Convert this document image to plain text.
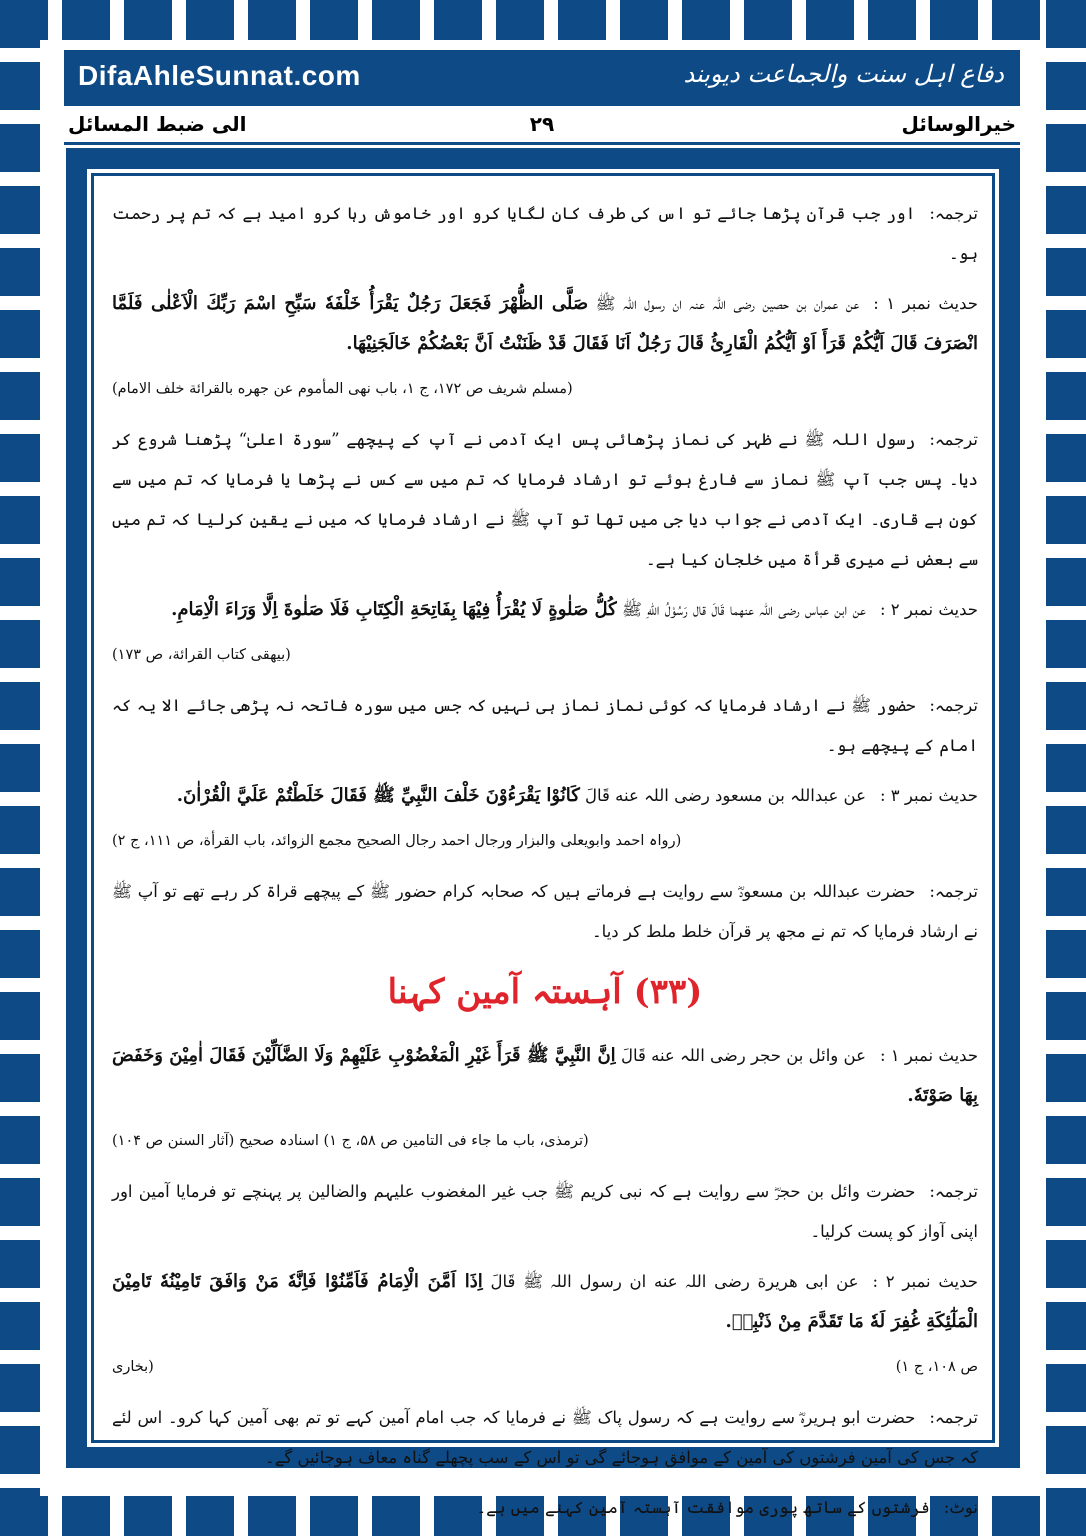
DifaAhleSunnat.com	دفاع اہل سنت والجماعت دیوبند
الی ضبط المسائل	۲۹	خیرالوسائل

ترجمہ:اور جب قرآن پڑھا جائے تو اس کی طرف کان لگایا کرو اور خاموش رہا کرو امید ہے کہ تم پر رحمت ہو۔

حدیث نمبر ۱ :عن عمران بن حصین رضی اللہ عنہ ان رسول اللہ ﷺ صَلَّی الظُّهْرَ فَجَعَلَ رَجُلٌ يَقْرَأُ خَلْفَهٗ سَبِّحِ اسْمَ رَبِّكَ الْاَعْلٰى فَلَمَّا انْصَرَفَ قَالَ اَيُّكُمْ قَرَأَ اَوْ اَيُّكُمُ الْقَارِئُ قَالَ رَجُلٌ اَنَا فَقَالَ قَدْ ظَنَنْتُ اَنَّ بَعْضُكُمْ خَالَجَنِيْهَا.

(مسلم شریف ص ۱۷۲، ج ۱، باب نهی المأموم عن جهره بالقرائة خلف الامام)

ترجمہ:رسول اللہ ﷺ نے ظہر کی نماز پڑھائی پس ایک آدمی نے آپ کے پیچھے ”سورۃ اعلیٰ“ پڑھنا شروع کر دیا۔ پس جب آپ ﷺ نماز سے فارغ ہوئے تو ارشاد فرمایا کہ تم میں سے کس نے پڑھا یا فرمایا کہ تم میں سے کون ہے قاری۔ ایک آدمی نے جواب دیا جی میں تھا تو آپ ﷺ نے ارشاد فرمایا کہ میں نے یقین کرلیا کہ تم میں سے بعض نے میری قرأۃ میں خلجان کیا ہے۔

حدیث نمبر ۲ :عن ابن عباس رضی اللہ عنهما قَالَ قال رَسُوْلُ اللّٰهِ ﷺ كُلُّ صَلٰوةٍ لَا يُقْرَأُ فِيْهَا بِفَاتِحَةِ الْكِتَابِ فَلَا صَلٰوةَ اِلَّا وَرَاءَ الْاِمَامِ.

(بیهقی کتاب القرائة، ص ۱۷۳)

ترجمہ:حضور ﷺ نے ارشاد فرمایا کہ کوئی نماز نماز ہی نہیں کہ جس میں سورہ فاتحہ نہ پڑھی جائے الا یہ کہ امام کے پیچھے ہو۔

حدیث نمبر ۳ :عن عبداللہ بن مسعود رضی اللہ عنه قَالَ كَانُوْا يَقْرَءُوْنَ خَلْفَ النَّبِيِّ ﷺ فَقَالَ خَلَطْتُمْ عَلَيَّ الْقُرْاٰنَ.

(رواہ احمد وابویعلی والبزار ورجال احمد رجال الصحیح مجمع الزوائد، باب القرأة، ص ۱۱۱، ج ۲)

ترجمہ:حضرت عبداللہ بن مسعودؓ سے روایت ہے فرماتے ہیں کہ صحابہ کرام حضور ﷺ کے پیچھے قراۃ کر رہے تھے تو آپ ﷺ نے ارشاد فرمایا کہ تم نے مجھ پر قرآن خلط ملط کر دیا۔

(۳۳) آہستہ آمین کہنا

حدیث نمبر ۱ :عن وائل بن حجر رضی اللہ عنه قَالَ اِنَّ النَّبِيَّ ﷺ قَرَأَ غَيْرِ الْمَغْضُوْبِ عَلَيْهِمْ وَلَا الضَّآلِّيْنَ فَقَالَ اٰمِيْنَ وَخَفَضَ بِهَا صَوْتَهٗ.

(ترمذی، باب ما جاء فی التامین ص ۵۸، ج ۱) اسنادہ صحیح (آثار السنن ص ۱۰۴)

ترجمہ:حضرت وائل بن حجرؓ سے روایت ہے کہ نبی کریم ﷺ جب غیر المغضوب علیہم والضالین پر پہنچے تو فرمایا آمین اور اپنی آواز کو پست کرلیا۔

حدیث نمبر ۲ :عن ابی هریرة رضی اللہ عنه ان رسول اللہ ﷺ قَالَ اِذَا اَمَّنَ الْاِمَامُ فَاَمِّنُوْا فَاِنَّهٗ مَنْ وَافَقَ تَامِيْنُهٗ تَامِيْنَ الْمَلٰٓئِكَةِ غُفِرَ لَهٗ مَا تَقَدَّمَ مِنْ ذَنْبِهٖ.

ص ۱۰۸، ج ۱)
(بخاری

ترجمہ:حضرت ابو ہریرہؓ سے روایت ہے کہ رسول پاک ﷺ نے فرمایا کہ جب امام آمین کہے تو تم بھی آمین کہا کرو۔ اس لئے کہ جس کی آمین فرشتوں کی آمین کے موافق ہوجائے گی تو اس کے سب پچھلے گناہ معاف ہوجائیں گے۔

نوٹ:فرشتوں کے ساتھ پوری موافقت آہستہ آمین کہنے میں ہے۔
